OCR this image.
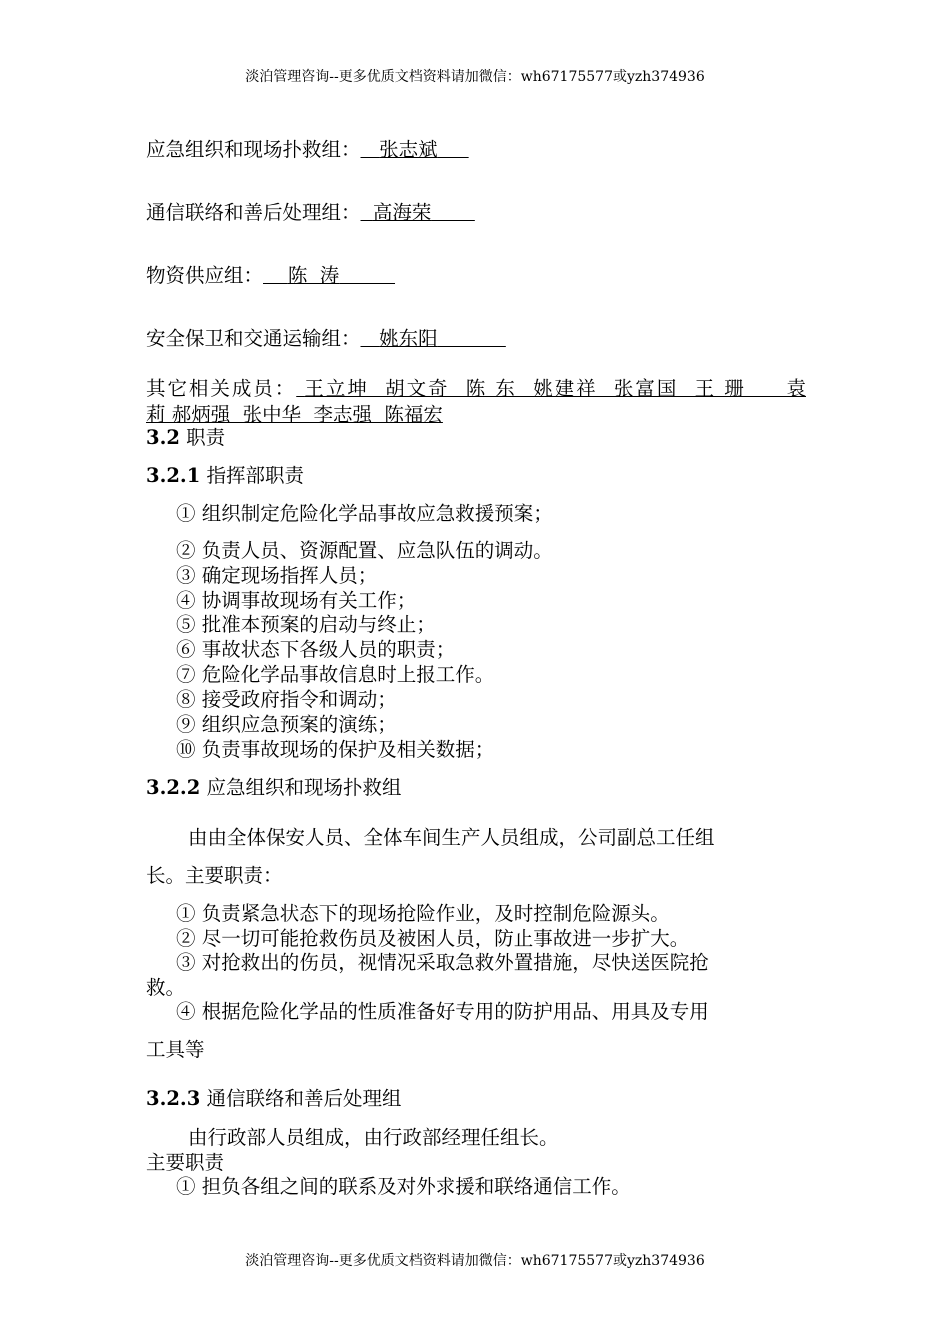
淡泊管理咨询--更多优质文档资料请加微信：wh67175577或yzh374936
应急组织和现场扑救组： 张志斌
通信联络和善后处理组： 高海荣
物资供应组： 陈  涛
安全保卫和交通运输组： 姚东阳
其它相关成员： 王立坤  胡文奇  陈 东  姚建祥  张富国  王 珊     袁
莉 郝炳强  张中华  李志强  陈福宏
3.2 职责
3.2.1 指挥部职责
① 组织制定危险化学品事故应急救援预案；
② 负责人员、资源配置、应急队伍的调动。
③ 确定现场指挥人员；
④ 协调事故现场有关工作；
⑤ 批准本预案的启动与终止；
⑥ 事故状态下各级人员的职责；
⑦ 危险化学品事故信息时上报工作。
⑧ 接受政府指令和调动；
⑨ 组织应急预案的演练；
⑩ 负责事故现场的保护及相关数据；
3.2.2 应急组织和现场扑救组
由由全体保安人员、全体车间生产人员组成，公司副总工任组
长。主要职责：
① 负责紧急状态下的现场抢险作业，及时控制危险源头。
② 尽一切可能抢救伤员及被困人员，防止事故进一步扩大。
③ 对抢救出的伤员，视情况采取急救外置措施，尽快送医院抢
救。
④ 根据危险化学品的性质准备好专用的防护用品、用具及专用
工具等
3.2.3 通信联络和善后处理组
由行政部人员组成，由行政部经理任组长。
主要职责
① 担负各组之间的联系及对外求援和联络通信工作。
淡泊管理咨询--更多优质文档资料请加微信：wh67175577或yzh374936
